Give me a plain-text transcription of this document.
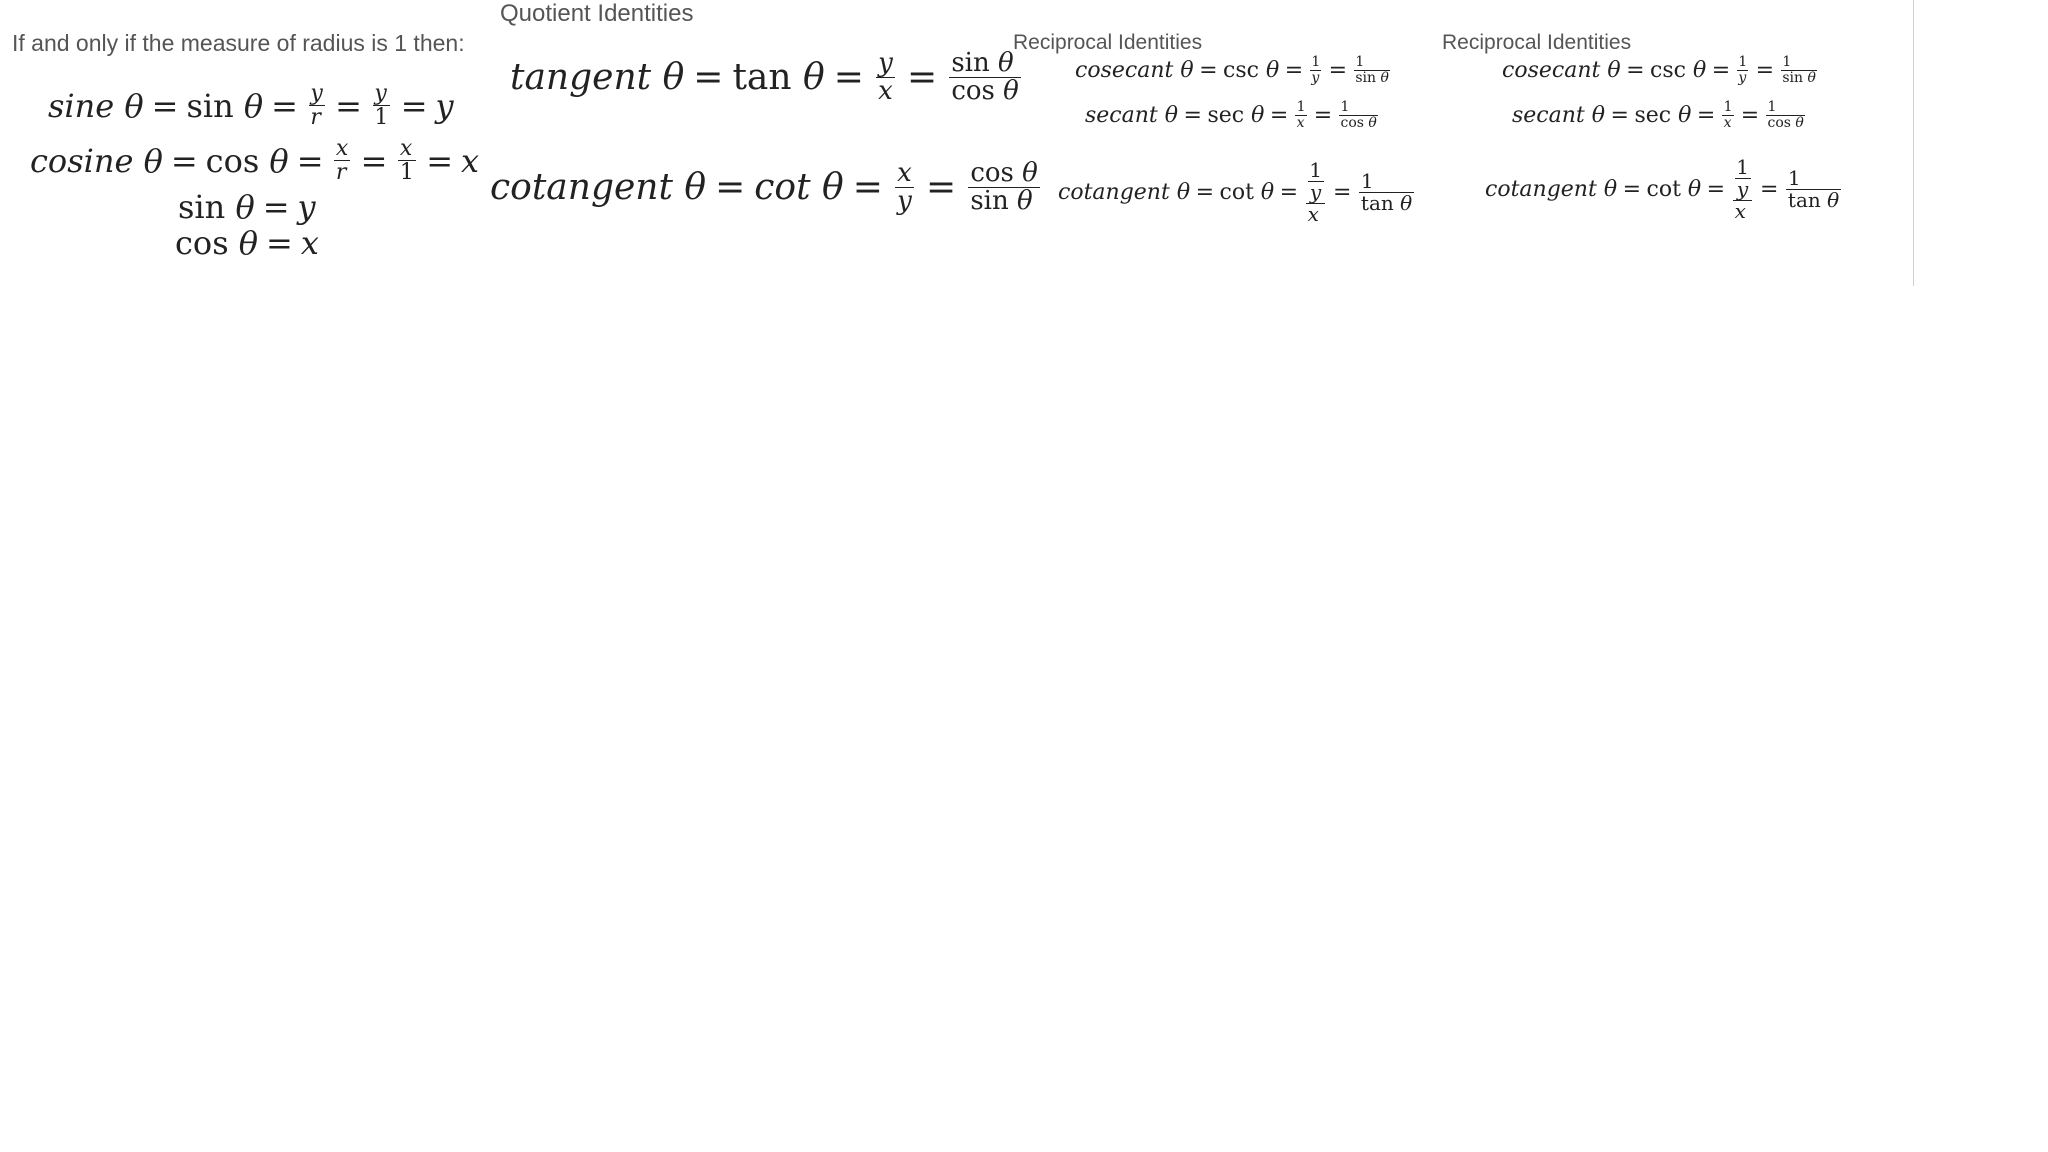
If and only if the measure of radius is 1 then:
sine
θ = sin
$\theta = \frac{y}{r} = \frac{y}{1} = y$
cosine
θ = cos
$\theta = \frac{x}{r} = \frac{x}{1} = x$
sin
θ = y
cos
θ = x
Quotient Identities
tangent
θ = tan
$\theta = \frac{y}{x} = \frac{\text{sin θ}}{\text{cos θ}}$
cotangent
θ = cot
$\theta = \frac{x}{y} = \frac{\text{cos θ}}{\text{sin θ}}$
Reciprocal Identities
cosecant
θ = csc
$\theta = \frac{1}{y} = \frac{1}{\text{sin θ}}$
secant
θ = sec
$\theta = \frac{1}{x} = \frac{1}{\text{cos θ}}$
cotangent
θ = cot
$\theta = \frac{\frac{1}{y}}{x} = \frac{1}{\text{tan θ}}$
Reciprocal Identities
cosecant
θ = csc
$\theta = \frac{1}{y} = \frac{1}{\text{sin θ}}$
secant
θ = sec
$\theta = \frac{1}{x} = \frac{1}{\text{cos θ}}$
cotangent
θ = cot
$\theta = \frac{\frac{1}{y}}{x} = \frac{1}{\text{tan θ}}$
